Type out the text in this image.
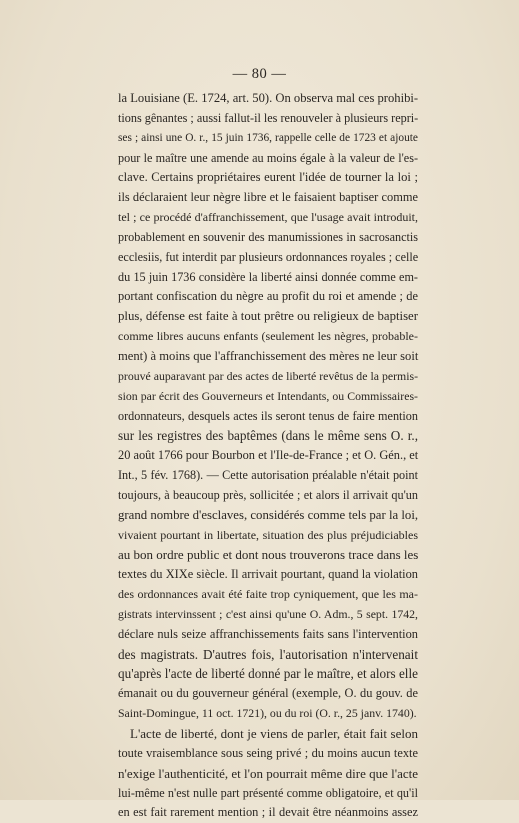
— 80 —
la Louisiane (E. 1724, art. 50). On observa mal ces prohibi-
tions gênantes ; aussi fallut-il les renouveler à plusieurs repri-
ses ; ainsi une O. r., 15 juin 1736, rappelle celle de 1723 et ajoute
pour le maître une amende au moins égale à la valeur de l'es-
clave. Certains propriétaires eurent l'idée de tourner la loi ;
ils déclaraient leur nègre libre et le faisaient baptiser comme
tel ; ce procédé d'affranchissement, que l'usage avait introduit,
probablement en souvenir des manumissiones in sacrosanctis
ecclesiis, fut interdit par plusieurs ordonnances royales ; celle
du 15 juin 1736 considère la liberté ainsi donnée comme em-
portant confiscation du nègre au profit du roi et amende ; de
plus, défense est faite à tout prêtre ou religieux de baptiser
comme libres aucuns enfants (seulement les nègres, probable-
ment) à moins que l'affranchissement des mères ne leur soit
prouvé auparavant par des actes de liberté revêtus de la permis-
sion par écrit des Gouverneurs et Intendants, ou Commissaires-
ordonnateurs, desquels actes ils seront tenus de faire mention
sur les registres des baptêmes (dans le même sens O. r.,
20 août 1766 pour Bourbon et l'Ile-de-France ; et O. Gén., et
Int., 5 fév. 1768). — Cette autorisation préalable n'était point
toujours, à beaucoup près, sollicitée ; et alors il arrivait qu'un
grand nombre d'esclaves, considérés comme tels par la loi,
vivaient pourtant in libertate, situation des plus préjudiciables
au bon ordre public et dont nous trouverons trace dans les
textes du XIXe siècle. Il arrivait pourtant, quand la violation
des ordonnances avait été faite trop cyniquement, que les ma-
gistrats intervinssent ; c'est ainsi qu'une O. Adm., 5 sept. 1742,
déclare nuls seize affranchissements faits sans l'intervention
des magistrats. D'autres fois, l'autorisation n'intervenait
qu'après l'acte de liberté donné par le maître, et alors elle
émanait ou du gouverneur général (exemple, O. du gouv. de
Saint-Domingue, 11 oct. 1721), ou du roi (O. r., 25 janv. 1740).
L'acte de liberté, dont je viens de parler, était fait selon
toute vraisemblance sous seing privé ; du moins aucun texte
n'exige l'authenticité, et l'on pourrait même dire que l'acte
lui-même n'est nulle part présenté comme obligatoire, et qu'il
en est fait rarement mention ; il devait être néanmoins assez
